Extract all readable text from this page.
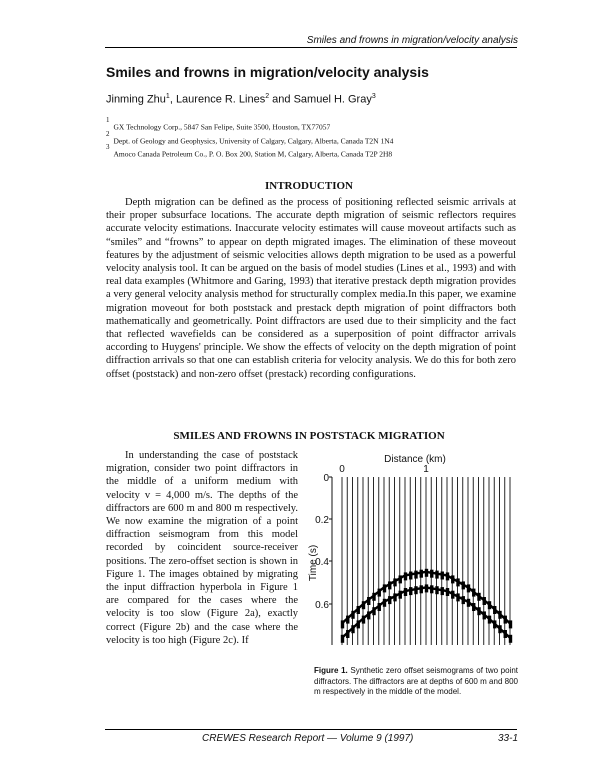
Smiles and frowns in migration/velocity analysis
Smiles and frowns in migration/velocity analysis
Jinming Zhu$^1$, Laurence R. Lines$^2$ and Samuel H. Gray$^3$
$^1$GX Technology Corp., 5847 San Felipe, Suite 3500, Houston, TX77057
$^2$Dept. of Geology and Geophysics, University of Calgary, Calgary, Alberta, Canada T2N 1N4
$^3$Amoco Canada Petroleum Co., P. O. Box 200, Station M, Calgary, Alberta, Canada T2P 2H8
INTRODUCTION

Depth migration can be defined as the process of positioning reflected seismic arrivals at their proper subsurface locations. The accurate depth migration of seismic reflectors requires accurate velocity estimations. Inaccurate velocity estimates will cause moveout artifacts such as “smiles” and “frowns” to appear on depth migrated images. The elimination of these moveout features by the adjustment of seismic velocities allows depth migration to be used as a powerful velocity analysis tool. It can be argued on the basis of model studies (Lines et al., 1993) and with real data examples (Whitmore and Garing, 1993) that iterative prestack depth migration provides a very general velocity analysis method for structurally complex media.In this paper, we examine migration moveout for both poststack and prestack depth migration of point diffractors both mathematically and geometrically. Point diffractors are used due to their simplicity and the fact that reflected wavefields can be considered as a superposition of point diffractor arrivals according to Huygens' principle. We show the effects of velocity on the depth migration of point diffraction arrivals so that one can establish criteria for velocity analysis. We do this for both zero offset (poststack) and non-zero offset (prestack) recording configurations.

SMILES AND FROWNS IN POSTSTACK MIGRATION

In understanding the case of poststack migration, consider two point diffractors in the middle of a uniform medium with velocity v = 4,000 m/s. The depths of the diffractors are 600 m and 800 m respectively. We now examine the migration of a point diffraction seismogram from this model recorded by coincident source-receiver positions. The zero-offset section is shown in Figure 1. The images obtained by migrating the input diffraction hyperbola in Figure 1 are compared for the cases where the velocity is too slow (Figure 2a), exactly correct (Figure 2b) and the case where the velocity is too high (Figure 2c). If

Distance (km)
0	1
Time (s)
0
0.2
0.4
0.6

Figure 1. Synthetic zero offset seismograms of two point diffractors. The diffractors are at depths of 600 m and 800 m respectively in the middle of the model.

CREWES Research Report — Volume 9 (1997)	33-1
